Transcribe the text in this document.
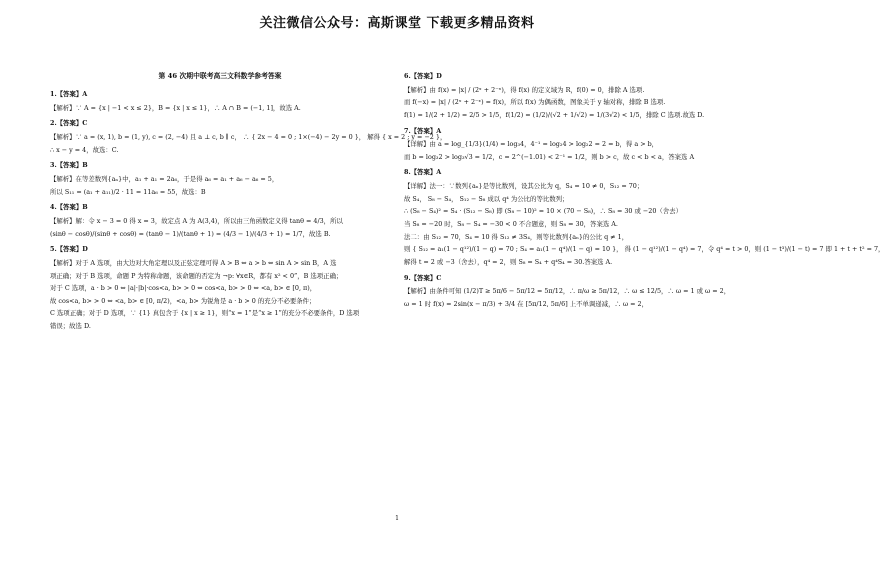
关注微信公众号：高斯课堂 下载更多精品资料
第 46 次期中联考高三文科数学参考答案
1.【答案】A
【解析】∵ A = {x | −1 < x ≤ 2}，B = {x | x ≤ 1}，∴ A ∩ B = (−1, 1]，故选 A.
2.【答案】C
【解析】∵ a = (x, 1), b = (1, y), c = (2, −4) 且 a ⊥ c, b ∥ c， ∴ { 2x − 4 = 0 ; 1×(−4) − 2y = 0 }， 解得 { x = 2 ; y = −2 }，
∴ x − y = 4，故选：C.
3.【答案】B
【解析】在等差数列{aₙ}中，a₁ + a₁ = 2a₆，于是得 a₆ = a₁ + a₆ − a₆ = 5，
所以 S₁₁ = (a₁ + a₁₁)/2 · 11 = 11a₆ = 55，故选：B
4.【答案】B
【解析】解：令 x − 3 = 0 得 x = 3，故定点 A 为 A(3,4)，所以由三角函数定义得 tanθ = 4/3，所以
(sinθ − cosθ)/(sinθ + cosθ) = (tanθ − 1)/(tanθ + 1) = (4/3 − 1)/(4/3 + 1) = 1/7，故选 B.
5.【答案】D
【解析】对于 A 选项，由大边对大角定理以及正弦定理可得 A > B ⇔ a > b ⇔ sin A > sin B，A 选
项正确；对于 B 选项，命题 P 为特称命题，该命题的否定为 ¬p: ∀x∈R，都有 x² < 0”，B 选项正确；
对于 C 选项，a · b > 0 ⇔ |a|·|b|·cos<a, b> > 0 ⇔ cos<a, b> > 0 ⇔ <a, b> ∈ [0, π)，
故 cos<a, b> > 0 ⇔ <a, b> ∈ [0, π/2)，<a, b> 为锐角是 a · b > 0 的充分不必要条件；
C 选项正确；对于 D 选项，∵ {1} 真包含于 {x | x ≥ 1}，则“x = 1”是“x ≥ 1”的充分不必要条件，D 选项
错误；故选 D.
6.【答案】D
【解析】由 f(x) = |x| / (2ˣ + 2⁻ˣ)，得 f(x) 的定义域为 R，f(0) = 0，排除 A 选项.
而 f(−x) = |x| / (2ˣ + 2⁻ˣ) = f(x)，所以 f(x) 为偶函数，图象关于 y 轴对称，排除 B 选项.
f(1) = 1/(2 + 1/2) = 2/5 > 1/5，f(1/2) = (1/2)/(√2 + 1/√2) = 1/(3√2) < 1/5，排除 C 选项.故选 D.
7.【答案】A
【详解】由 a = log_{1/3}(1/4) = log₃4，4⁻¹ = log₂4 > log₂2 = 2 = b，得 a > b，
而 b = log₃2 > log₃√3 = 1/2，c = 2^(−1.01) < 2⁻¹ = 1/2，则 b > c，故 c < b < a，答案选 A
8.【答案】A
【详解】法一：∵数列{aₙ}是等比数列，设其公比为 q，S₄ = 10 ≠ 0，S₁₂ = 70；
故 S₄， S₈ − S₄， S₁₂ − S₈ 成以 q⁴ 为公比的等比数列；
∴ (S₈ − S₄)² = S₄ · (S₁₂ − S₈) 即 (S₈ − 10)² = 10 × (70 − S₈)，∴ S₈ = 30 或 −20（舍去）
当 S₈ = −20 时，S₈ − S₄ = −30 < 0 不合题意，则 S₈ = 30，答案选 A.
法二：由 S₁₂ = 70，S₄ = 10 得 S₁₂ ≠ 3S₄，则等比数列{aₙ}的公比 q ≠ 1，
则 { S₁₂ = a₁(1 − q¹²)/(1 − q) = 70 ; S₄ = a₁(1 − q⁴)/(1 − q) = 10 }， 得 (1 − q¹²)/(1 − q⁴) = 7，令 q⁴ = t > 0，则 (1 − t³)/(1 − t) = 7 即 1 + t + t² = 7，
解得 t = 2 或 −3（舍去），q⁴ = 2，则 S₈ = S₄ + q⁴S₄ = 30.答案选 A.
9.【答案】C
【解析】由条件可知 (1/2)T ≥ 5π/6 − 5π/12 = 5π/12，∴ π/ω ≥ 5π/12，∴ ω ≤ 12/5，∴ ω = 1 或 ω = 2，
ω = 1 时 f(x) = 2sin(x − π/3) + 3/4 在 [5π/12, 5π/6] 上不单调递减，∴ ω = 2，
1
